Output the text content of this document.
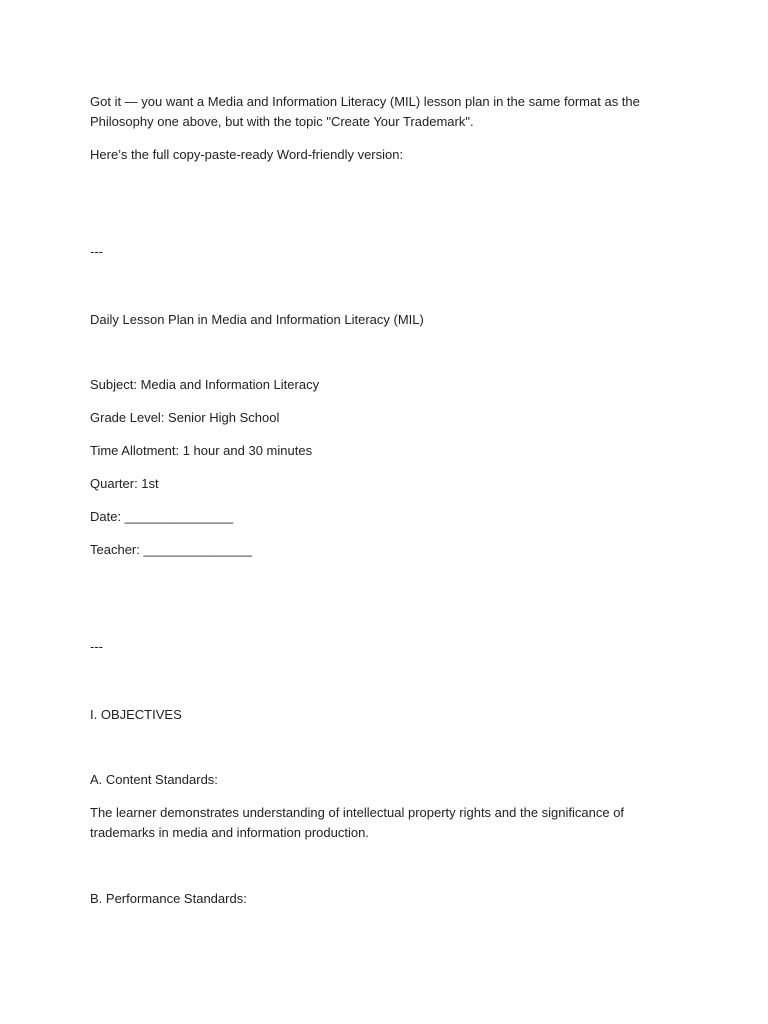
Got it — you want a Media and Information Literacy (MIL) lesson plan in the same format as the Philosophy one above, but with the topic "Create Your Trademark".

Here’s the full copy-paste-ready Word-friendly version:

---

Daily Lesson Plan in Media and Information Literacy (MIL)

Subject: Media and Information Literacy

Grade Level: Senior High School

Time Allotment: 1 hour and 30 minutes

Quarter: 1st

Date: _______________

Teacher: _______________

---

I. OBJECTIVES

A. Content Standards:

The learner demonstrates understanding of intellectual property rights and the significance of trademarks in media and information production.

B. Performance Standards:
